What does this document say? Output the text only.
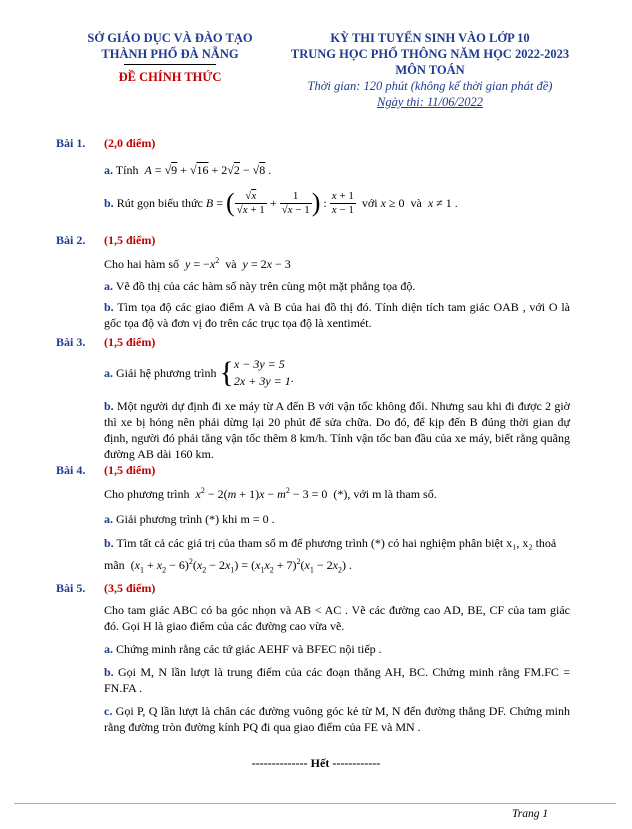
SỞ GIÁO DỤC VÀ ĐÀO TẠO
THÀNH PHỐ ĐÀ NẴNG
ĐỀ CHÍNH THỨC
KỲ THI TUYỂN SINH VÀO LỚP 10
TRUNG HỌC PHỔ THÔNG NĂM HỌC 2022-2023
MÔN TOÁN
Thời gian: 120 phút (không kể thời gian phát đề)
Ngày thi: 11/06/2022
Bài 1. (2,0 điểm)
a. Tính  A = √9 + √16 + 2√2 − √8 .
b.
Rút gọn biểu thức
B = ( $\frac{√x}{√x + 1} + \frac{1}{√x - 1}$ ) : $\frac{x + 1}{x - 1}$
với
x ≥ 0 và
x ≠ 1 .
Bài 2. (1,5 điểm)
Cho hai hàm số $y = -x^2$ và y = 2x − 3
a. Vẽ đồ thị của các hàm số này trên cùng một mặt phẳng tọa độ.
b. Tìm tọa độ các giao điểm A và B của hai đồ thị đó. Tính diện tích tam giác OAB , với O là gốc tọa độ và đơn vị đo trên các trục tọa độ là xentimét.
Bài 3. (1,5 điểm)
a.
Giải hệ phương trình
{ x − 3y = 5
2x + 3y = 1 .
b. Một người dự định đi xe máy từ A đến B với vận tốc không đổi. Nhưng sau khi đi được 2 giờ thì xe bị hỏng nên phải dừng lại 20 phút để sửa chữa. Do đó, để kịp đến B đúng thời gian dự định, người đó phải tăng vận tốc thêm 8 km/h. Tính vận tốc ban đầu của xe máy, biết rằng quãng đường AB dài 160 km.
Bài 4. (1,5 điểm)
Cho phương trình $x^2 - 2(m + 1)x - m^2 - 3 = 0$  (*), với m là tham số.
a. Giải phương trình (*) khi m = 0 .
b. Tìm tất cả các giá trị của tham số m để phương trình (*) có hai nghiệm phân biệt x₁, x₂ thoả
mãn  $(x_1 + x_2 - 6)^2(x_2 - 2x_1) = (x_1x_2 + 7)^2(x_1 - 2x_2)$ .
Bài 5. (3,5 điểm)
Cho tam giác ABC có ba góc nhọn và AB < AC . Vẽ các đường cao AD, BE, CF của tam giác đó. Gọi H là giao điểm của các đường cao vừa vẽ.
a. Chứng minh rằng các tứ giác AEHF và BFEC nội tiếp .
b. Gọi M, N lần lượt là trung điểm của các đoạn thẳng AH, BC. Chứng minh rằng FM.FC = FN.FA .
c. Gọi P, Q lần lượt là chân các đường vuông góc kẻ từ M, N đến đường thẳng DF. Chứng minh rằng đường tròn đường kính PQ đi qua giao điểm của FE và MN .
-------------- Hết ------------
Trang 1
